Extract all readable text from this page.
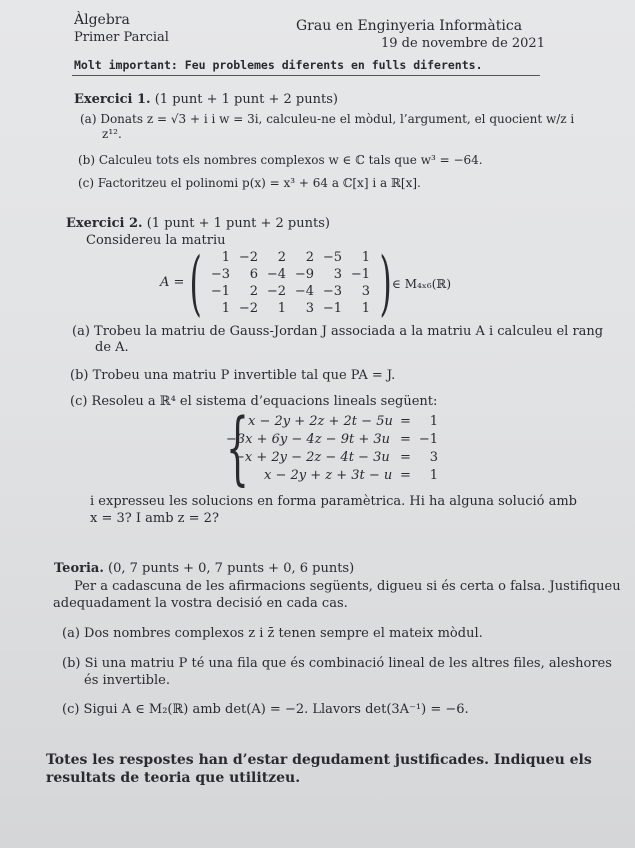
Àlgebra
Primer Parcial
Grau en Enginyeria Informàtica
19 de novembre de 2021
Molt important: Feu problemes diferents en fulls diferents.
Exercici 1. (1 punt + 1 punt + 2 punts)
(a) Donats z = √3 + i i w = 3i, calculeu-ne el mòdul, l’argument, el quocient w/z i
z¹².
(b) Calculeu tots els nombres complexos w ∈ ℂ tals que w³ = −64.
(c) Factoritzeu el polinomi p(x) = x³ + 64 a ℂ[x] i a ℝ[x].
Exercici 2. (1 punt + 1 punt + 2 punts)
Considereu la matriu
A = (	)
1 −2	2	2 −5	1
−3	6 −4 −9	3 −1
−1	2 −2 −4 −3	3
1 −2	1	3 −1	1
∈ M₄ₓ₆(ℝ)
(a) Trobeu la matriu de Gauss-Jordan J associada a la matriu A i calculeu el rang
de A.
(b) Trobeu una matriu P invertible tal que PA = J.
(c) Resoleu a ℝ⁴ el sistema d’equacions lineals següent:
{ x − 2y + 2z + 2t − 5u =	1
−3x + 6y − 4z − 9t + 3u = −1
−x + 2y − 2z − 4t − 3u =	3
x − 2y + z + 3t − u =	1
i expresseu les solucions en forma paramètrica. Hi ha alguna solució amb
x = 3? I amb z = 2?
Teoria. (0, 7 punts + 0, 7 punts + 0, 6 punts)
Per a cadascuna de les afirmacions següents, digueu si és certa o falsa. Justifiqueu
adequadament la vostra decisió en cada cas.
(a) Dos nombres complexos z i z̄ tenen sempre el mateix mòdul.
(b) Si una matriu P té una fila que és combinació lineal de les altres files, aleshores
és invertible.
(c) Sigui A ∈ M₂(ℝ) amb det(A) = −2. Llavors det(3A⁻¹) = −6.
Totes les respostes han d’estar degudament justificades. Indiqueu els
resultats de teoria que utilitzeu.
